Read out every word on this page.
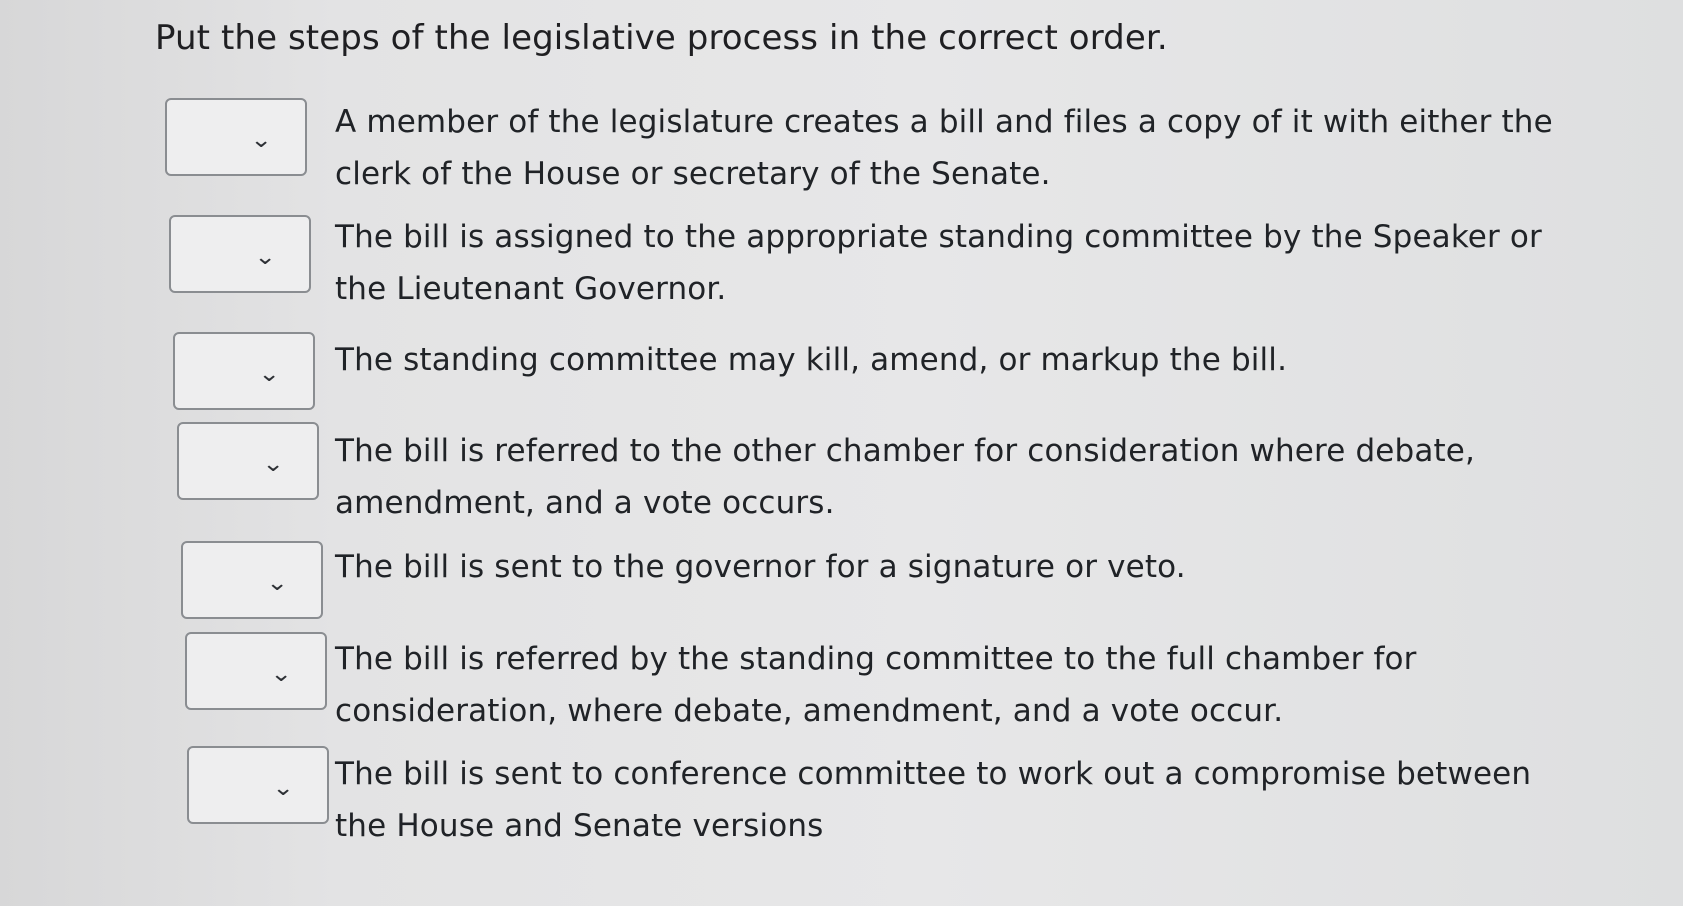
Put the steps of the legislative process in the correct order.
⌄
A member of the legislature creates a bill and files a copy of it with either the clerk of the House or secretary of the Senate.
⌄
The bill is assigned to the appropriate standing committee by the Speaker or the Lieutenant Governor.
⌄ The standing committee may kill, amend, or markup the bill.
⌄ The bill is referred to the other chamber for consideration where debate, amendment, and a vote occurs.
⌄ The bill is sent to the governor for a signature or veto.
⌄ The bill is referred by the standing committee to the full chamber for consideration, where debate, amendment, and a vote occur.
⌄ The bill is sent to conference committee to work out a compromise between the House and Senate versions
